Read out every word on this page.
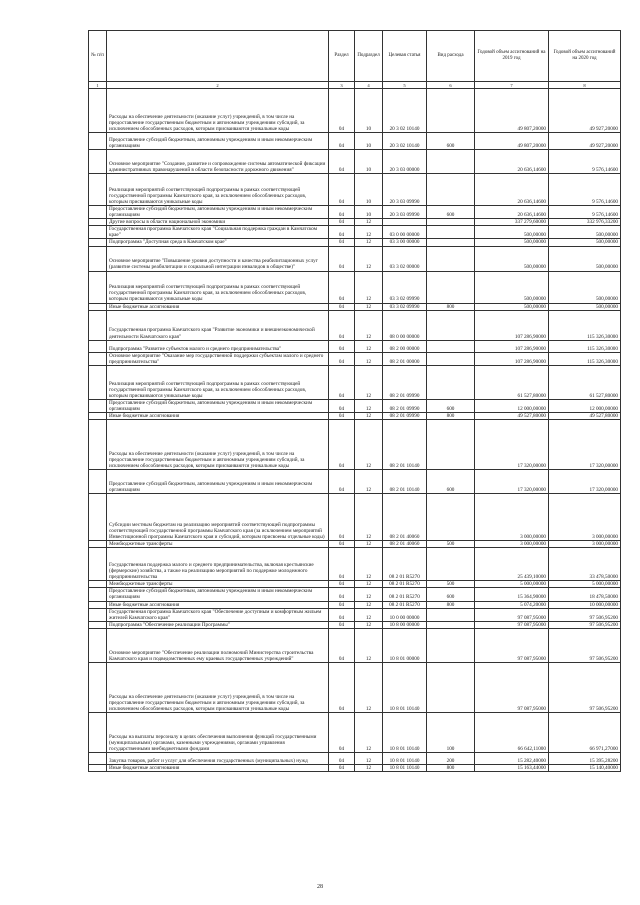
№ п/п		Раздел	Подраздел	Целевая статья	Вид расхода	Годовой объем ассигнований на 2019 год	Годовой объем ассигнований на 2020 год
1	2	3	4	5	6	7	8
	Расходы на обеспечение деятельности (оказание услуг) учреждений, в том числе на предоставление государственным бюджетным и автономным учреждениям субсидий, за исключением обособленных расходов, которым присваиваются уникальные коды	04	10	20 3 02 10140		49 807,20000	49 927,20000
	Предоставление субсидий бюджетным, автономным учреждениям и иным некоммерческим организациям	04	10	20 3 02 10140	600	49 807,20000	49 927,20000
	Основное мероприятие "Создание, развитие и сопровождение системы автоматической фиксации административных правонарушений в области безопасности дорожного движения"	04	10	20 3 03 00000		20 636,14600	9 576,14600
	Реализация мероприятий соответствующей подпрограммы в рамках соответствующей государственной программы Камчатского края, за исключением обособленных расходов, которым присваиваются уникальные коды	04	10	20 3 03 09990		20 636,14600	9 576,14600
	Предоставление субсидий бюджетным, автономным учреждениям и иным некоммерческим организациям	04	10	20 3 03 09990	600	20 636,14600	9 576,14600
	Другие вопросы в области национальной экономики	04	12			337 279,60000	332 976,33200
	Государственная программа Камчатского края "Социальная поддержка граждан в Камчатском крае"	04	12	03 0 00 00000		500,00000	500,00000
	Подпрограмма "Доступная среда в Камчатском крае"	04	12	03 3 00 00000		500,00000	500,00000
	Основное мероприятие "Повышение уровня доступности и качества реабилитационных услуг (развитие системы реабилитации и социальной интеграции инвалидов в обществе)"	04	12	03 3 02 00000		500,00000	500,00000
	Реализация мероприятий соответствующей подпрограммы в рамках соответствующей государственной программы Камчатского края, за исключением обособленных расходов, которым присваиваются уникальные коды	04	12	03 3 02 09990		500,00000	500,00000
	Иные бюджетные ассигнования	04	12	03 3 02 09990	800	500,00000	500,00000
	Государственная программа Камчатского края "Развитие экономики и внешнеэкономической деятельности Камчатского края"	04	12	08 0 00 00000		107 286,90000	115 326,30000
	Подпрограмма "Развитие субъектов малого и среднего предпринимательства"	04	12	08 2 00 00000		107 286,90000	115 326,30000
	Основное мероприятие "Оказание мер государственной поддержки субъектам малого и среднего предпринимательства"	04	12	08 2 01 00000		107 286,90000	115 326,30000
	Реализация мероприятий соответствующей подпрограммы в рамках соответствующей государственной программы Камчатского края, за исключением обособленных расходов, которым присваиваются уникальные коды	04	12	08 2 01 09990		61 527,80000	61 527,80000
	Предоставление субсидий бюджетным, автономным учреждениям и иным некоммерческим организациям	04	12	08 2 01 09990	600	12 000,00000	12 000,00000
	Иные бюджетные ассигнования	04	12	08 2 01 09990	800	49 527,80000	49 527,80000
	Расходы на обеспечение деятельности (оказание услуг) учреждений, в том числе на предоставление государственным бюджетным и автономным учреждениям субсидий, за исключением обособленных расходов, которым присваиваются уникальные коды	04	12	08 2 01 10140		17 320,00000	17 320,00000
	Предоставление субсидий бюджетным, автономным учреждениям и иным некоммерческим организациям	04	12	08 2 01 10140	600	17 320,00000	17 320,00000
	Субсидии местным бюджетам на реализацию мероприятий соответствующей подпрограммы соответствующей государственной программы Камчатского края (за исключением мероприятий Инвестиционной программы Камчатского края и субсидий, которым присвоены отдельные коды)	04	12	08 2 01 40060		3 000,00000	3 000,00000
	Межбюджетные трансферты	04	12	08 2 01 40060	500	3 000,00000	3 000,00000
	Государственная поддержка малого и среднего предпринимательства, включая крестьянские (фермерские) хозяйства, а также на реализацию мероприятий по поддержке молодежного предпринимательства	04	12	08 2 01 R5270		25 439,10000	33 478,50000
	Межбюджетные трансферты	04	12	08 2 01 R5270	500	5 000,00000	5 000,00000
	Предоставление субсидий бюджетным, автономным учреждениям и иным некоммерческим организациям	04	12	08 2 01 R5270	600	15 364,90000	18 478,50000
	Иные бюджетные ассигнования	04	12	08 2 01 R5270	800	5 074,20000	10 000,00000
	Государственная программа Камчатского края "Обеспечение доступным и комфортным жильем жителей Камчатского края"	04	12	10 0 00 00000		97 087,95000	97 506,95200
	Подпрограмма "Обеспечение реализации Программы"	04	12	10 8 00 00000		97 087,95000	97 506,95200
	Основное мероприятие "Обеспечение реализации полномочий Министерства строительства Камчатского края и подведомственных ему краевых государственных учреждений"	04	12	10 8 01 00000		97 087,95000	97 506,95200
	Расходы на обеспечение деятельности (оказание услуг) учреждений, в том числе на предоставление государственным бюджетным и автономным учреждениям субсидий, за исключением обособленных расходов, которым присваиваются уникальные коды	04	12	10 8 01 10140		97 087,95000	97 506,95200
	Расходы на выплаты персоналу в целях обеспечения выполнения функций государственными (муниципальными) органами, казенными учреждениями, органами управления государственными внебюджетными фондами	04	12	10 8 01 10140	100	66 642,11000	66 971,27000
	Закупка товаров, работ и услуг для обеспечения государственных (муниципальных) нужд	04	12	10 8 01 10140	200	15 282,40000	15 395,28200
	Иные бюджетные ассигнования	04	12	10 8 01 10140	800	15 163,44000	15 140,40000
28
